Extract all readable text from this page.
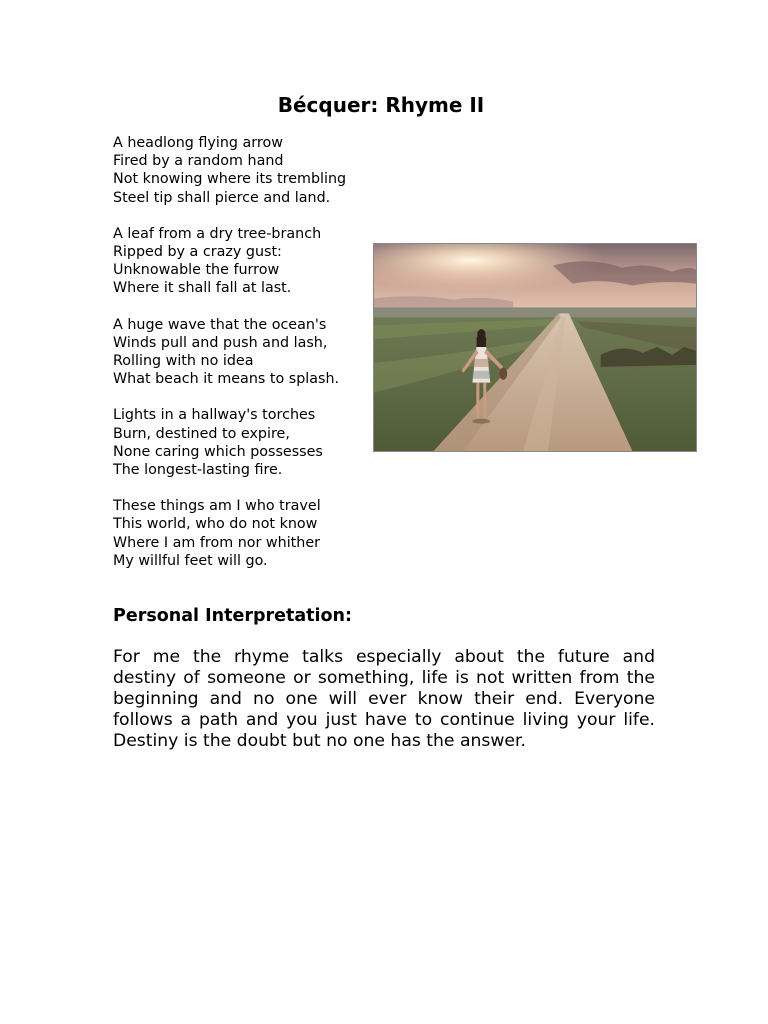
Bécquer: Rhyme II
A headlong flying arrow
Fired by a random hand
Not knowing where its trembling
Steel tip shall pierce and land.
A leaf from a dry tree-branch
Ripped by a crazy gust:
Unknowable the furrow
Where it shall fall at last.
A huge wave that the ocean's
Winds pull and push and lash,
Rolling with no idea
What beach it means to splash.
Lights in a hallway's torches
Burn, destined to expire,
None caring which possesses
The longest-lasting fire.
These things am I who travel
This world, who do not know
Where I am from nor whither
My willful feet will go.
Personal Interpretation:

For me the rhyme talks especially about the future and destiny of someone or something, life is not written from the beginning and no one will ever know their end. Everyone follows a path and you just have to continue living your life. Destiny is the doubt but no one has the answer.
